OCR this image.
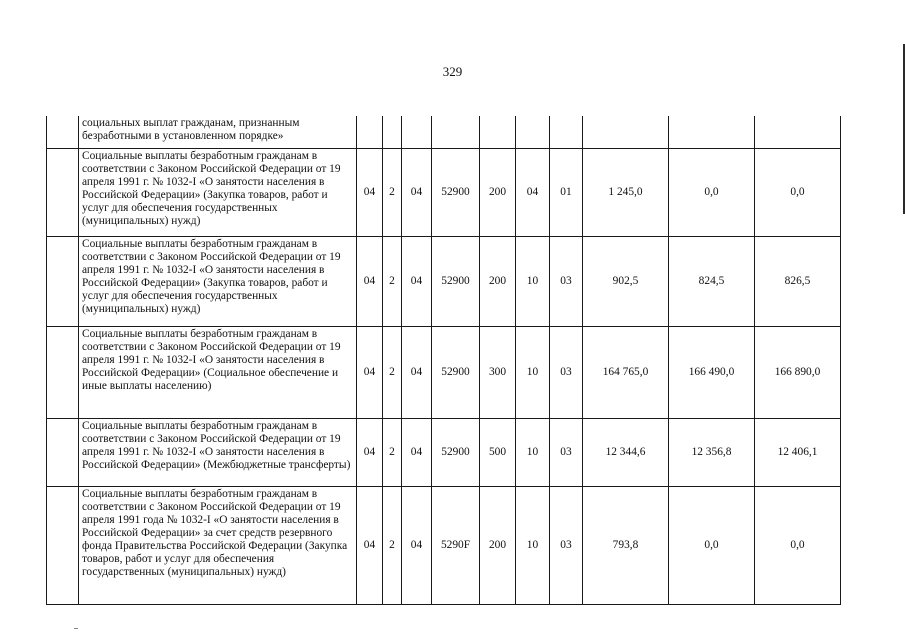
329
	социальных выплат гражданам, признанным безработными в установленном порядке»										
	Социальные выплаты безработным гражданам в соответствии с Законом Российской Федерации от 19 апреля 1991 г. № 1032-I «О занятости населения в Российской Федерации» (Закупка товаров, работ и услуг для обеспечения государственных (муниципальных) нужд)	04	2	04	52900	200	04	01	1 245,0	0,0	0,0
	Социальные выплаты безработным гражданам в соответствии с Законом Российской Федерации от 19 апреля 1991 г. № 1032-I «О занятости населения в Российской Федерации» (Закупка товаров, работ и услуг для обеспечения государственных (муниципальных) нужд)	04	2	04	52900	200	10	03	902,5	824,5	826,5
	Социальные выплаты безработным гражданам в соответствии с Законом Российской Федерации от 19 апреля 1991 г. № 1032-I «О занятости населения в Российской Федерации» (Социальное обеспечение и иные выплаты населению)	04	2	04	52900	300	10	03	164 765,0	166 490,0	166 890,0
	Социальные выплаты безработным гражданам в соответствии с Законом Российской Федерации от 19 апреля 1991 г. № 1032-I «О занятости населения в Российской Федерации» (Межбюджетные трансферты)	04	2	04	52900	500	10	03	12 344,6	12 356,8	12 406,1
	Социальные выплаты безработным гражданам в соответствии с Законом Российской Федерации от 19 апреля 1991 года № 1032-I «О занятости населения в Российской Федерации» за счет средств резервного фонда Правительства Российской Федерации (Закупка товаров, работ и услуг для обеспечения государственных (муниципальных) нужд)	04	2	04	5290F	200	10	03	793,8	0,0	0,0
